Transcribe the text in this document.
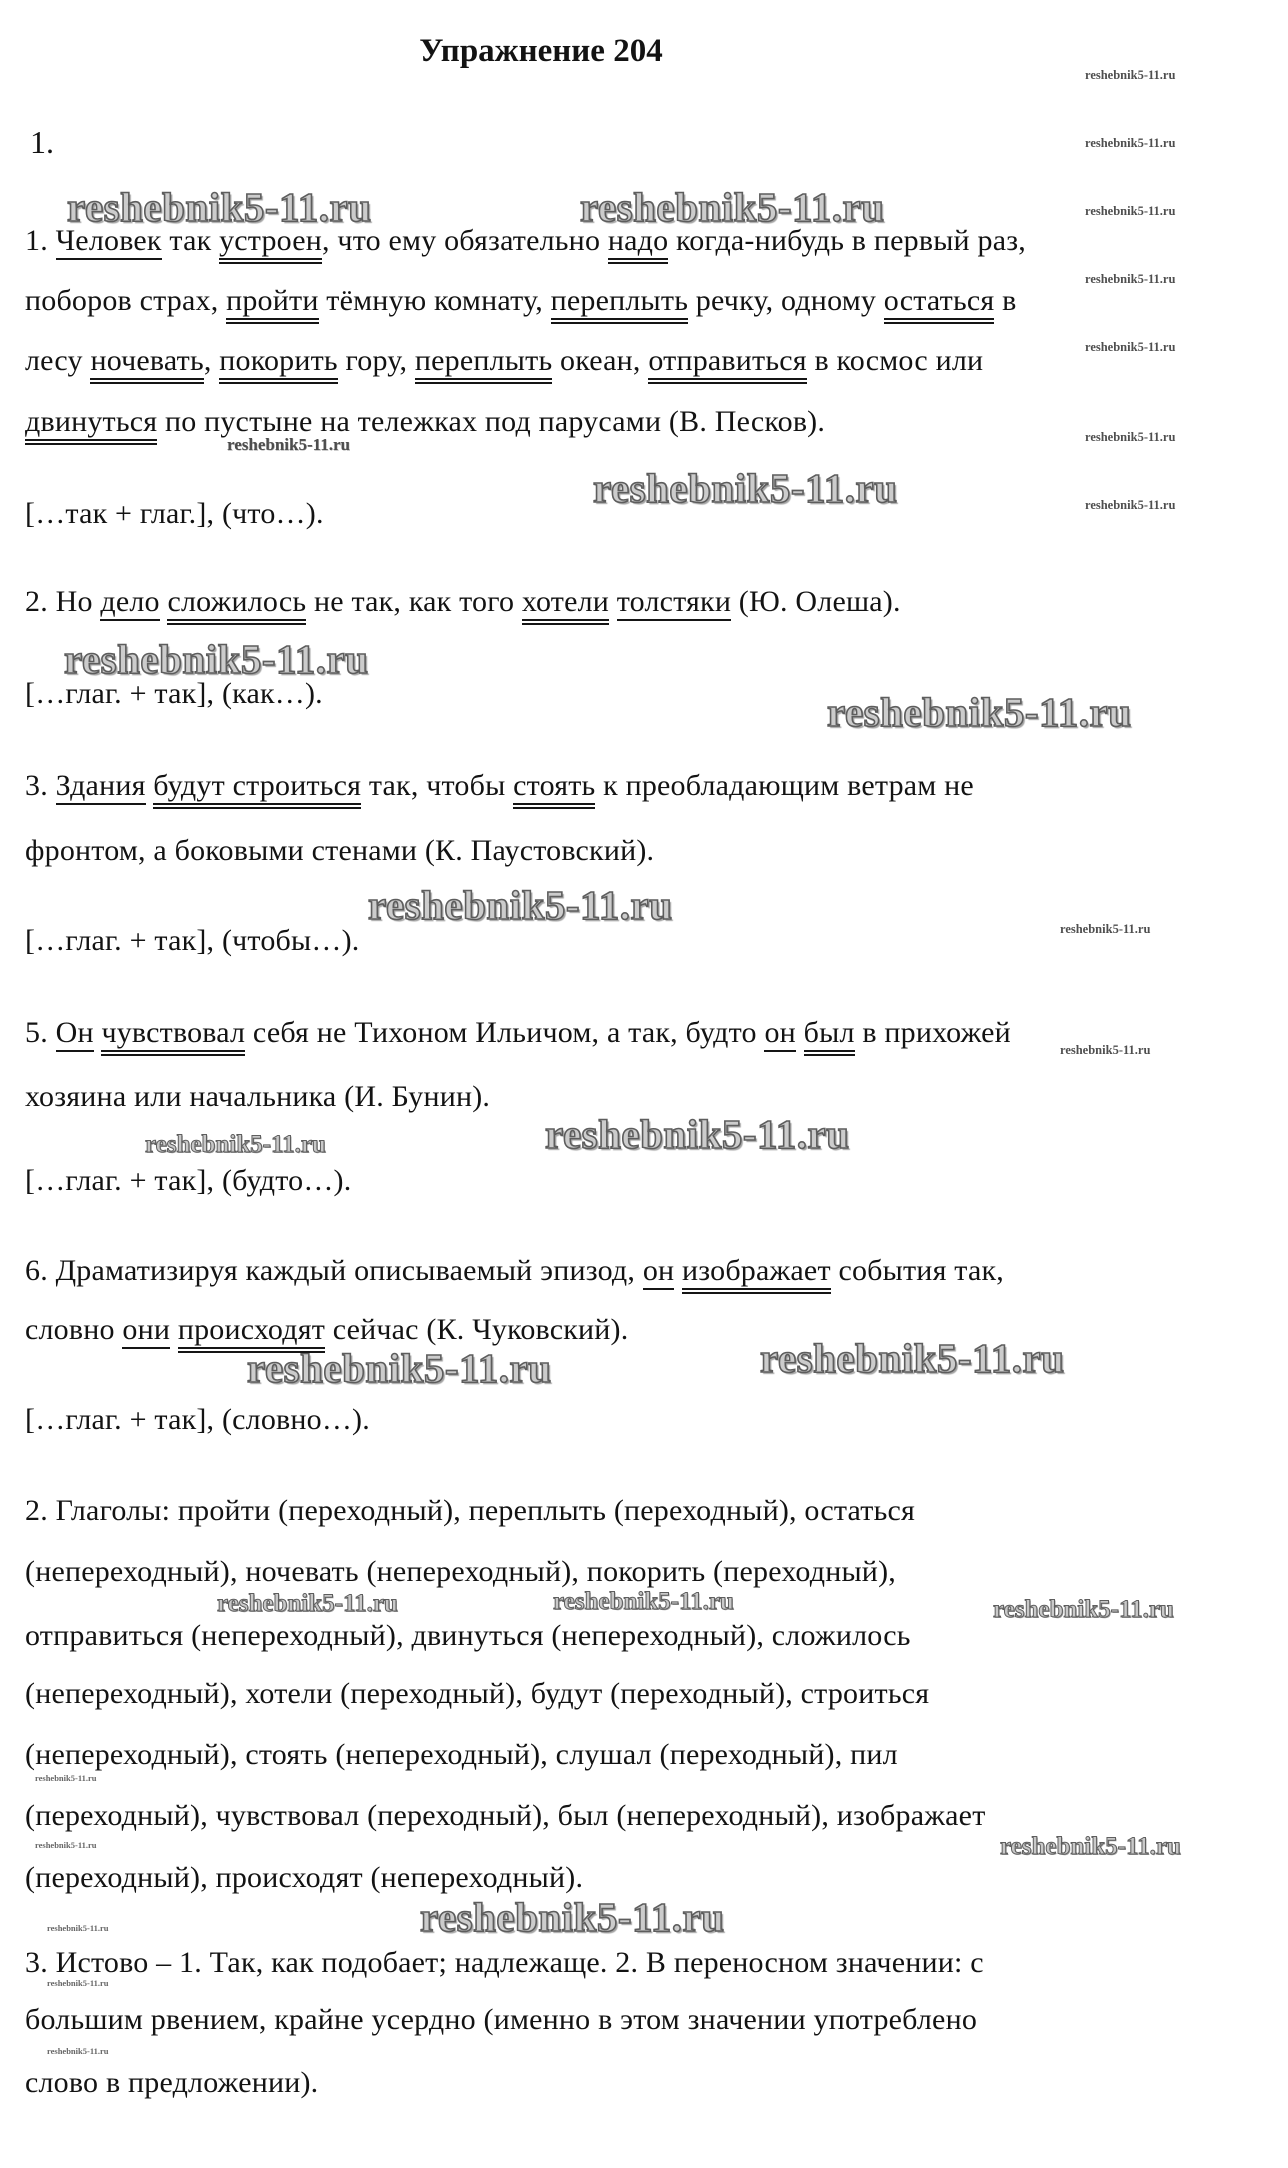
Упражнение 204
1.
reshebnik5-11.ru	reshebnik5-11.ru
reshebnik5-11.ru
reshebnik5-11.ru
reshebnik5-11.ru
reshebnik5-11.ru
reshebnik5-11.ru
reshebnik5-11.ru	reshebnik5-11.ru
reshebnik5-11.ru
reshebnik5-11.ru
reshebnik5-11.ru	reshebnik5-11.ru	reshebnik5-11.ru
reshebnik5-11.ru
reshebnik5-11.ru
reshebnik5-11.ru
reshebnik5-11.ru
reshebnik5-11.ru
reshebnik5-11.ru
reshebnik5-11.ru
reshebnik5-11.ru
reshebnik5-11.ru
reshebnik5-11.ru
reshebnik5-11.ru
reshebnik5-11.ru
reshebnik5-11.ru
reshebnik5-11.ru
reshebnik5-11.ru
reshebnik5-11.ru
1. Человек так устроен, что ему обязательно надо когда-нибудь в первый раз,
поборов страх, пройти тёмную комнату, переплыть речку, одному остаться в
лесу ночевать, покорить гору, переплыть океан, отправиться в космос или
двинуться по пустыне на тележках под парусами (В. Песков).
[…так + глаг.], (что…).
2. Но дело сложилось не так, как того хотели толстяки (Ю. Олеша).
[…глаг. + так], (как…).
3. Здания будут строиться так, чтобы стоять к преобладающим ветрам не
фронтом, а боковыми стенами (К. Паустовский).
[…глаг. + так], (чтобы…).
5. Он чувствовал себя не Тихоном Ильичом, а так, будто он был в прихожей
хозяина или начальника (И. Бунин).
[…глаг. + так], (будто…).
6. Драматизируя каждый описываемый эпизод, он изображает события так,
словно они происходят сейчас (К. Чуковский).
[…глаг. + так], (словно…).
2. Глаголы: пройти (переходный), переплыть (переходный), остаться
(непереходный), ночевать (непереходный), покорить (переходный),
отправиться (непереходный), двинуться (непереходный), сложилось
(непереходный), хотели (переходный), будут (переходный), строиться
(непереходный), стоять (непереходный), слушал (переходный), пил
(переходный), чувствовал (переходный), был (непереходный), изображает
(переходный), происходят (непереходный).
3. Истово – 1. Так, как подобает; надлежаще. 2. В переносном значении: с
большим рвением, крайне усердно (именно в этом значении употреблено
слово в предложении).
